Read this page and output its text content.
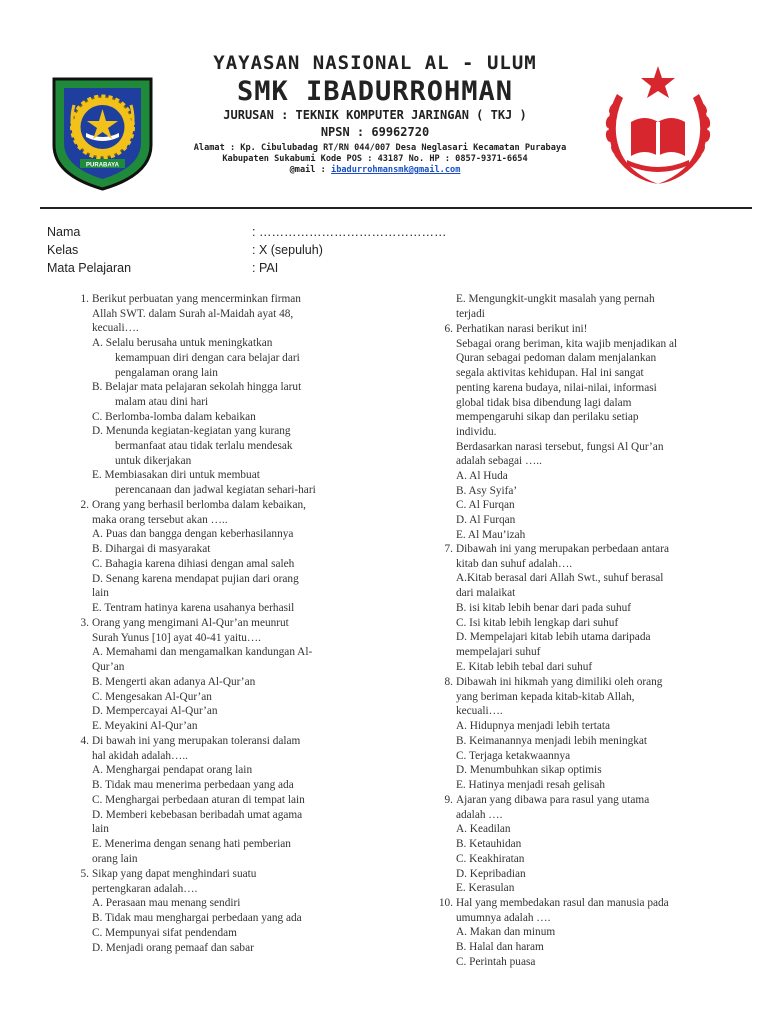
PURABAYA
YAYASAN NASIONAL AL - ULUM
SMK IBADURROHMAN
JURUSAN : TEKNIK KOMPUTER JARINGAN ( TKJ )
NPSN : 69962720
Alamat : Kp. Cibulubadag RT/RN 044/007 Desa Neglasari Kecamatan Purabaya
Kabupaten Sukabumi Kode POS : 43187 No. HP : 0857-9371-6654
@mail : ibadurrohmansmk@gmail.com
Nama	: ………………………………………
Kelas	: X (sepuluh)
Mata Pelajaran	: PAI
1. Berikut perbuatan yang mencerminkan firman
Allah SWT. dalam Surah al-Maidah ayat 48,
kecuali….
A. Selalu berusaha untuk meningkatkan
kemampuan diri dengan cara belajar dari
pengalaman orang lain
B. Belajar mata pelajaran sekolah hingga larut
malam atau dini hari
C. Berlomba-lomba dalam kebaikan
D. Menunda kegiatan-kegiatan yang kurang
bermanfaat atau tidak terlalu mendesak
untuk dikerjakan
E. Membiasakan diri untuk membuat
perencanaan dan jadwal kegiatan sehari-hari
2. Orang yang berhasil berlomba dalam kebaikan,
maka orang tersebut akan …..
A. Puas dan bangga dengan keberhasilannya
B. Dihargai di masyarakat
C. Bahagia karena dihiasi dengan amal saleh
D. Senang karena mendapat pujian dari orang
lain
E. Tentram hatinya karena usahanya berhasil
3. Orang yang mengimani Al-Qur’an meunrut
Surah Yunus [10] ayat 40-41 yaitu….
A. Memahami dan mengamalkan kandungan Al-
Qur’an
B. Mengerti akan adanya Al-Qur’an
C. Mengesakan Al-Qur’an
D. Mempercayai Al-Qur’an
E. Meyakini Al-Qur’an
4. Di bawah ini yang merupakan toleransi dalam
hal akidah adalah…..
A. Menghargai pendapat orang lain
B. Tidak mau menerima perbedaan yang ada
C. Menghargai perbedaan aturan di tempat lain
D. Memberi kebebasan beribadah umat agama
lain
E. Menerima dengan senang hati pemberian
orang lain
5. Sikap yang dapat menghindari suatu
pertengkaran adalah….
A. Perasaan mau menang sendiri
B. Tidak mau menghargai perbedaan yang ada
C. Mempunyai sifat pendendam
D. Menjadi orang pemaaf dan sabar
E. Mengungkit-ungkit masalah yang pernah
terjadi
6. Perhatikan narasi berikut ini!
Sebagai orang beriman, kita wajib menjadikan al
Quran sebagai pedoman dalam menjalankan
segala aktivitas kehidupan. Hal ini sangat
penting karena budaya, nilai-nilai, informasi
global tidak bisa dibendung lagi dalam
mempengaruhi sikap dan perilaku setiap
individu.
Berdasarkan narasi tersebut, fungsi Al Qur’an
adalah sebagai …..
A. Al Huda
B. Asy Syifa’
C. Al Furqan
D. Al Furqan
E. Al Mau’izah
7. Dibawah ini yang merupakan perbedaan antara
kitab dan suhuf adalah….
A.Kitab berasal dari Allah Swt., suhuf berasal
dari malaikat
B. isi kitab lebih benar dari pada suhuf
C. Isi kitab lebih lengkap dari suhuf
D. Mempelajari kitab lebih utama daripada
mempelajari suhuf
E. Kitab lebih tebal dari suhuf
8. Dibawah ini hikmah yang dimiliki oleh orang
yang beriman kepada kitab-kitab Allah,
kecuali….
A. Hidupnya menjadi lebih tertata
B. Keimanannya menjadi lebih meningkat
C. Terjaga ketakwaannya
D. Menumbuhkan sikap optimis
E. Hatinya menjadi resah gelisah
9. Ajaran yang dibawa para rasul yang utama
adalah ….
A. Keadilan
B. Ketauhidan
C. Keakhiratan
D. Kepribadian
E. Kerasulan
10. Hal yang membedakan rasul dan manusia pada
umumnya adalah ….
A. Makan dan minum
B. Halal dan haram
C. Perintah puasa
